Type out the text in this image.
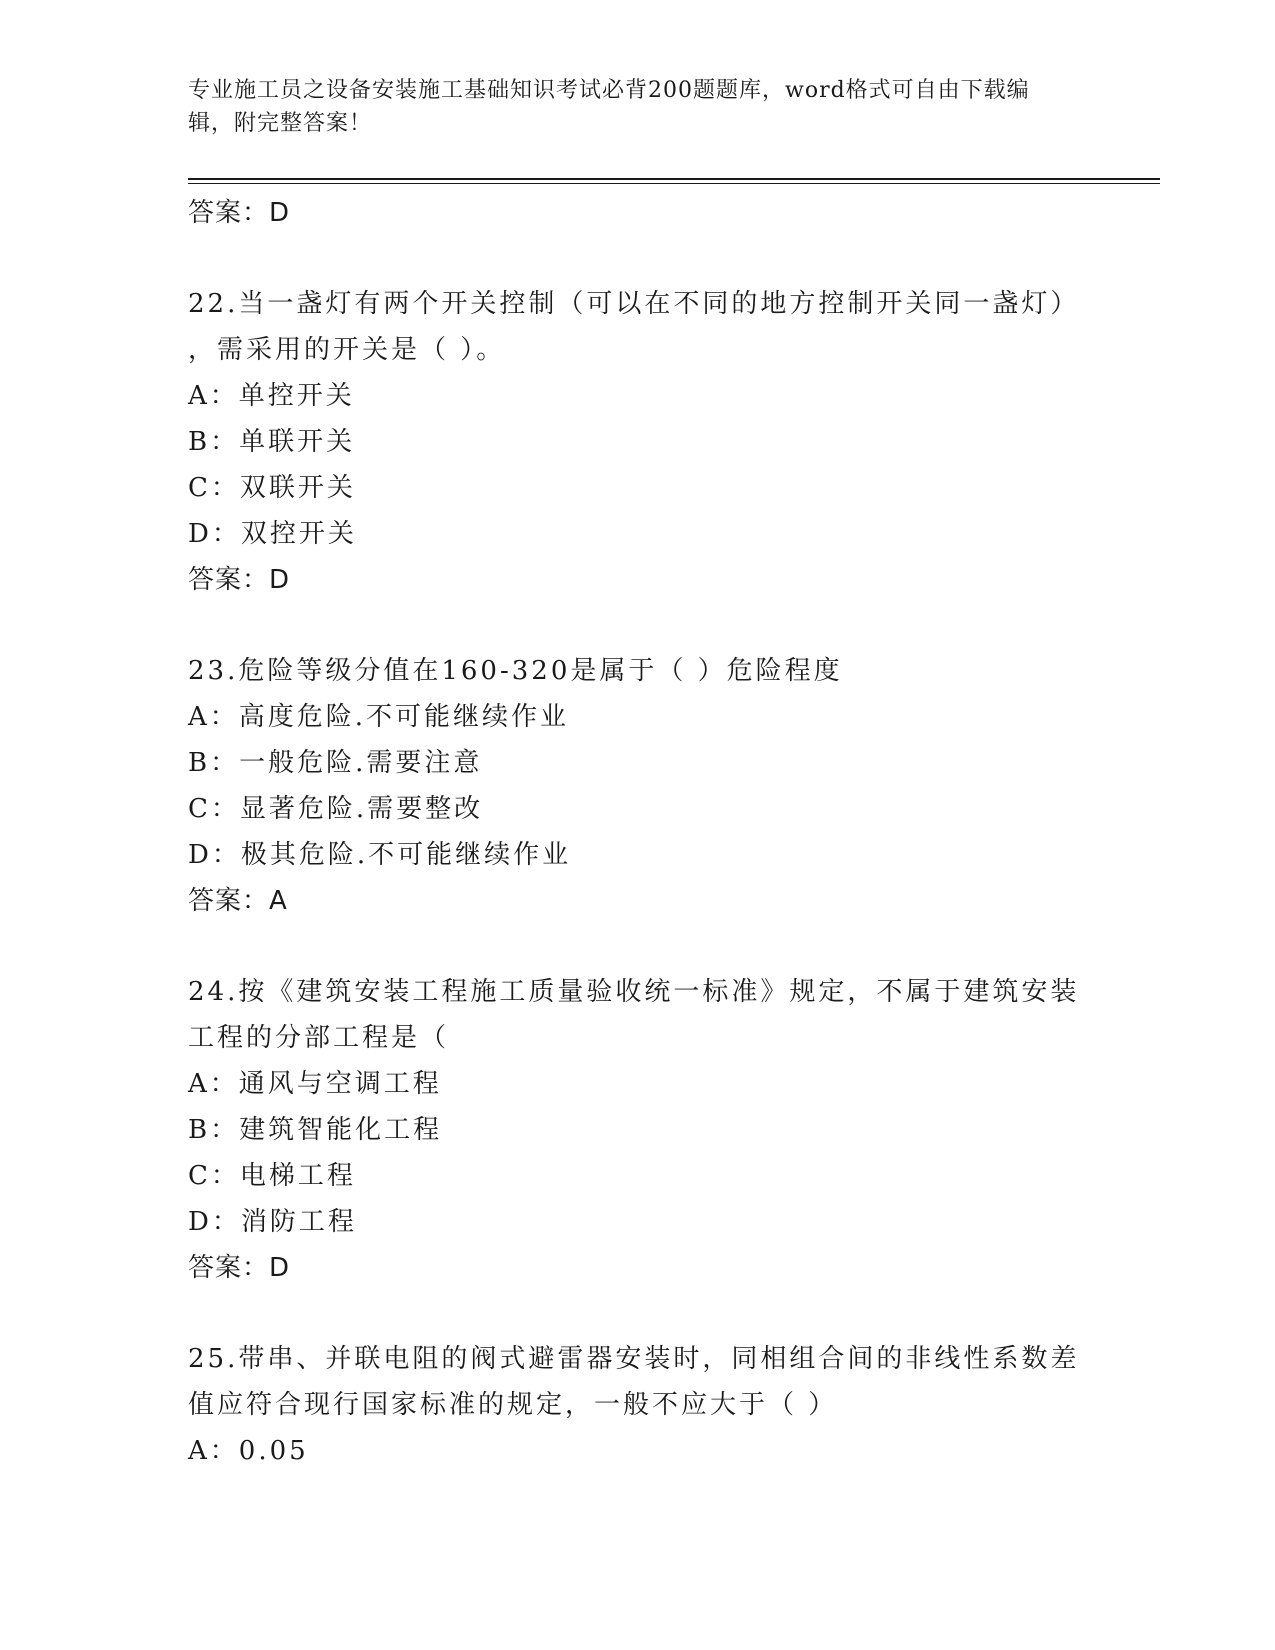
专业施工员之设备安装施工基础知识考试必背200题题库，word格式可自由下载编辑，附完整答案！
答案：D
22.当一盏灯有两个开关控制（可以在不同的地方控制开关同一盏灯）
，需采用的开关是（ ）。
A：单控开关
B：单联开关
C：双联开关
D：双控开关
答案：D
23.危险等级分值在160-320是属于（ ）危险程度
A：高度危险.不可能继续作业
B：一般危险.需要注意
C：显著危险.需要整改
D：极其危险.不可能继续作业
答案：A
24.按《建筑安装工程施工质量验收统一标准》规定，不属于建筑安装
工程的分部工程是（
A：通风与空调工程
B：建筑智能化工程
C：电梯工程
D：消防工程
答案：D
25.带串、并联电阻的阀式避雷器安装时，同相组合间的非线性系数差
值应符合现行国家标准的规定，一般不应大于（ ）
A：0.05
